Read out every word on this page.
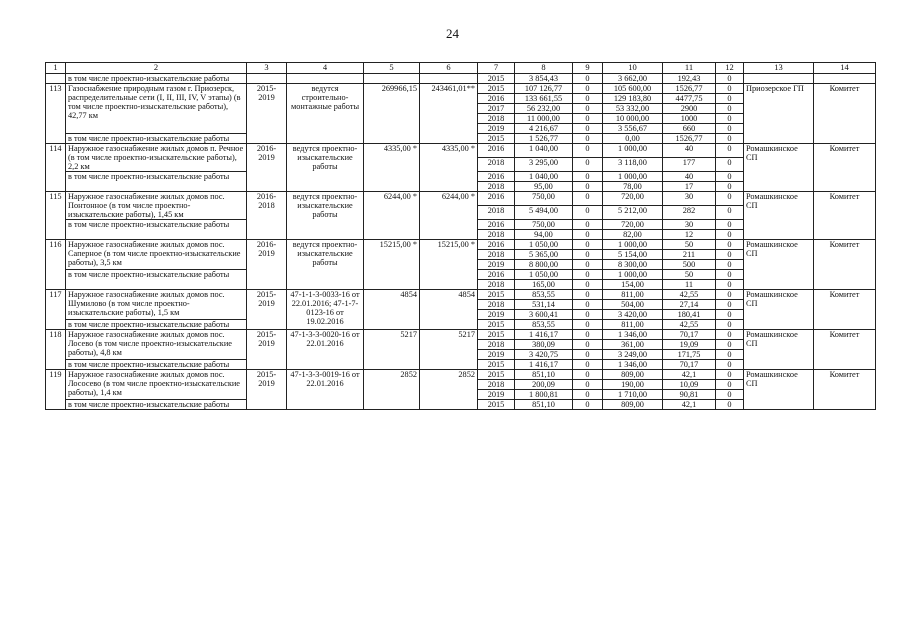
24
1	2	3	4	5	6	7	8	9	10	11	12	13	14
	в том числе проектно-изыскательские работы					2015	3 854,43	0	3 662,00	192,43	0		
113	Газоснабжение природным газом г. Приозерск, распределительные сети (I, II, III, IV, V этапы) (в том числе проектно-изыскательские работы), 42,77 км	2015-2019	ведутся строительно-монтажные работы	269966,15	243461,01**	2015	107 126,77	0	105 600,00	1526,77	0	Приозерское ГП	Комитет
						2016	133 661,55	0	129 183,80	4477,75	0		
						2017	56 232,00	0	53 332,00	2900	0		
						2018	11 000,00	0	10 000,00	1000	0		
						2019	4 216,67	0	3 556,67	660	0		
	в том числе проектно-изыскательские работы					2015	1 526,77	0	0,00	1526,77	0		
114	Наружное газоснабжение жилых домов п. Речное (в том числе проектно-изыскательские работы), 2,2 км	2016-2019	ведутся проектно-изыскательские работы	4335,00 *	4335,00 *	2016	1 040,00	0	1 000,00	40	0	Ромашкинское СП	Комитет
						2018	3 295,00	0	3 118,00	177	0		
	в том числе проектно-изыскательские работы					2016	1 040,00	0	1 000,00	40	0		
						2018	95,00	0	78,00	17	0		
115	Наружное газоснабжение жилых домов пос. Понтонное (в том числе проектно-изыскательские работы), 1,45 км	2016-2018	ведутся проектно-изыскательские работы	6244,00 *	6244,00 *	2016	750,00	0	720,00	30	0	Ромашкинское СП	Комитет
						2018	5 494,00	0	5 212,00	282	0		
	в том числе проектно-изыскательские работы					2016	750,00	0	720,00	30	0		
						2018	94,00	0	82,00	12	0		
116	Наружное газоснабжение жилых домов пос. Саперное (в том числе проектно-изыскательские работы), 3,5 км	2016-2019	ведутся проектно-изыскательские работы	15215,00 *	15215,00 *	2016	1 050,00	0	1 000,00	50	0	Ромашкинское СП	Комитет
						2018	5 365,00	0	5 154,00	211	0		
						2019	8 800,00	0	8 300,00	500	0		
	в том числе проектно-изыскательские работы					2016	1 050,00	0	1 000,00	50	0		
						2018	165,00	0	154,00	11	0		
117	Наружное газоснабжение жилых домов пос. Шумилово (в том числе проектно-изыскательские работы), 1,5 км	2015-2019	47-1-1-3-0033-16 от 22.01.2016; 47-1-7-0123-16 от 19.02.2016	4854	4854	2015	853,55	0	811,00	42,55	0	Ромашкинское СП	Комитет
						2018	531,14	0	504,00	27,14	0		
						2019	3 600,41	0	3 420,00	180,41	0		
	в том числе проектно-изыскательские работы					2015	853,55	0	811,00	42,55	0		
118	Наружное газоснабжение жилых домов пос. Лосево (в том числе проектно-изыскательские работы), 4,8 км	2015-2019	47-1-3-3-0020-16 от 22.01.2016	5217	5217	2015	1 416,17	0	1 346,00	70,17	0	Ромашкинское СП	Комитет
						2018	380,09	0	361,00	19,09	0		
						2019	3 420,75	0	3 249,00	171,75	0		
	в том числе проектно-изыскательские работы					2015	1 416,17	0	1 346,00	70,17	0		
119	Наружное газоснабжение жилых домов пос. Лососево (в том числе проектно-изыскательские работы), 1,4 км	2015-2019	47-1-3-3-0019-16 от 22.01.2016	2852	2852	2015	851,10	0	809,00	42,1	0	Ромашкинское СП	Комитет
						2018	200,09	0	190,00	10,09	0		
						2019	1 800,81	0	1 710,00	90,81	0		
	в том числе проектно-изыскательские работы					2015	851,10	0	809,00	42,1	0		
